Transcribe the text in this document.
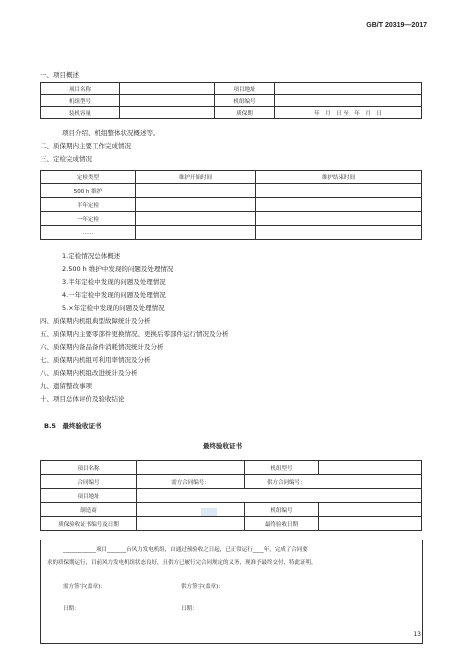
GB/T 20319—2017
一、项目概述
项目名称		项目地址	
机组型号		机组编号	
装机容量		质保期	年　月　日 至　年　月　日
项目介绍、机组整体状况概述等。
二、质保期内主要工作完成情况
三、定检完成情况
定检类型	维护开始时间	维护结束时间
500 h 维护		
半年定检		
一年定检		
……		
1.定检情况总体概述
2.500 h 维护中发现的问题及处理情况
3.半年定检中发现的问题及处理情况
4.一年定检中发现的问题及处理情况
5.×年定检中发现的问题及处理情况
四、质保期内机组典型故障统计及分析
五、质保期内主要零部件更换情况、更换后零部件运行情况及分析
六、质保期内备品备件消耗情况统计及分析
七、质保期内机组可利用率情况及分析
八、质保期内机组改进统计及分析
九、遗留整改事项
十、项目总体评价及验收结论
B.5　最终验收证书
最终验收证书
项目名称		机组型号	
合同编号	需方合同编号：	供方合同编号：	
项目地址			
制造商		机组编号	
质保验收证书编号及日期		最终验收日期	
____________项目_______台风力发电机组，自通过预验收之日起，已正常运行____年，完成了合同要
求的质保期运行，目前风力发电机组状态良好，且供方已履行完合同规定的义务，现准予最终交付，特此证明。
需方签字(盖章)：	供方签字(盖章)：
日期：	日期：
13
